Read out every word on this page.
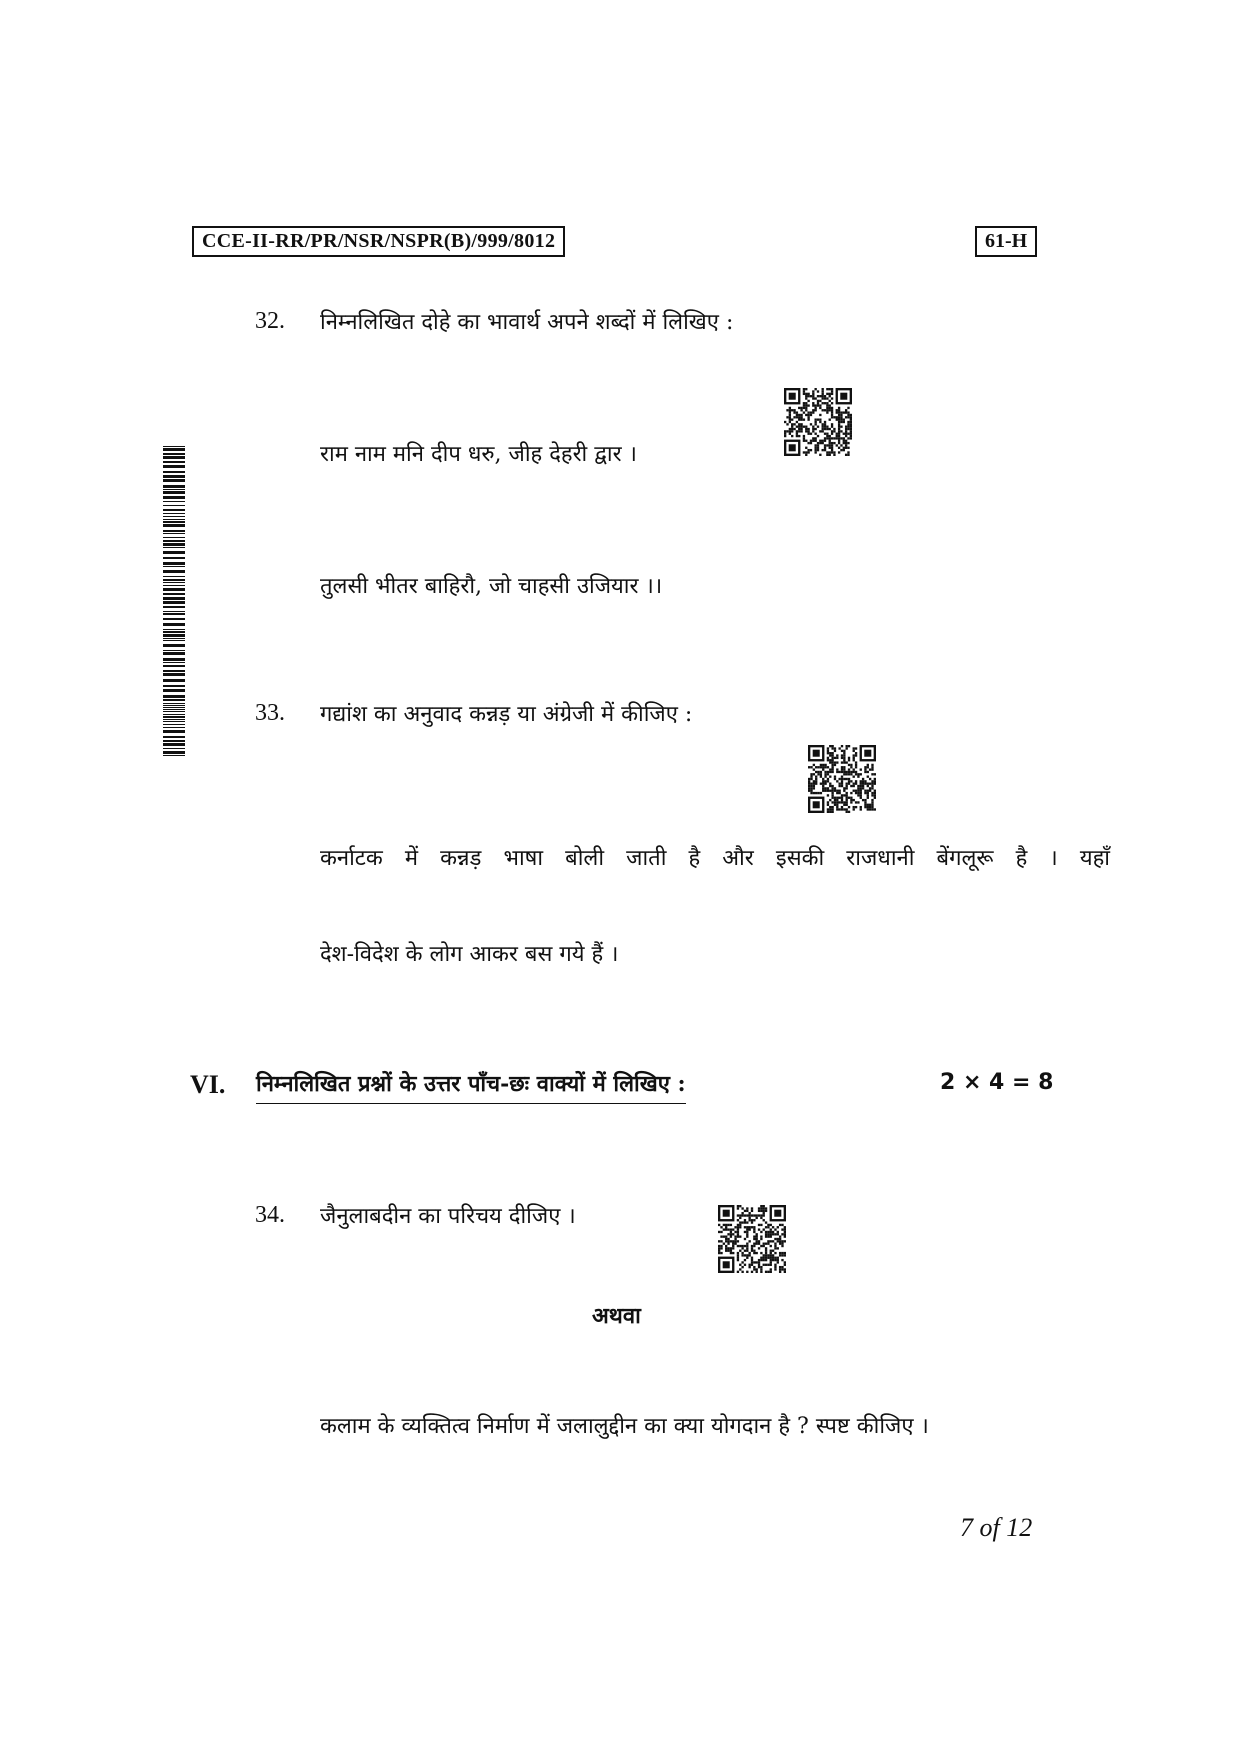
CCE-II-RR/PR/NSR/NSPR(B)/999/8012	61-H
32. निम्नलिखित दोहे का भावार्थ अपने शब्दों में लिखिए :
राम नाम मनि दीप धरु, जीह देहरी द्वार ।
तुलसी भीतर बाहिरौ, जो चाहसी उजियार ।।
33. गद्यांश का अनुवाद कन्नड़ या अंग्रेजी में कीजिए :
कर्नाटक में कन्नड़ भाषा बोली जाती है और इसकी राजधानी बेंगलूरू है । यहाँ
देश-विदेश के लोग आकर बस गये हैं ।
VI. निम्नलिखित प्रश्नों के उत्तर पाँच-छः वाक्यों में लिखिए :	2 × 4 = 8
34. जैनुलाबदीन का परिचय दीजिए ।
अथवा
कलाम के व्यक्तित्व निर्माण में जलालुद्दीन का क्या योगदान है ? स्पष्ट कीजिए ।
7 of 12
